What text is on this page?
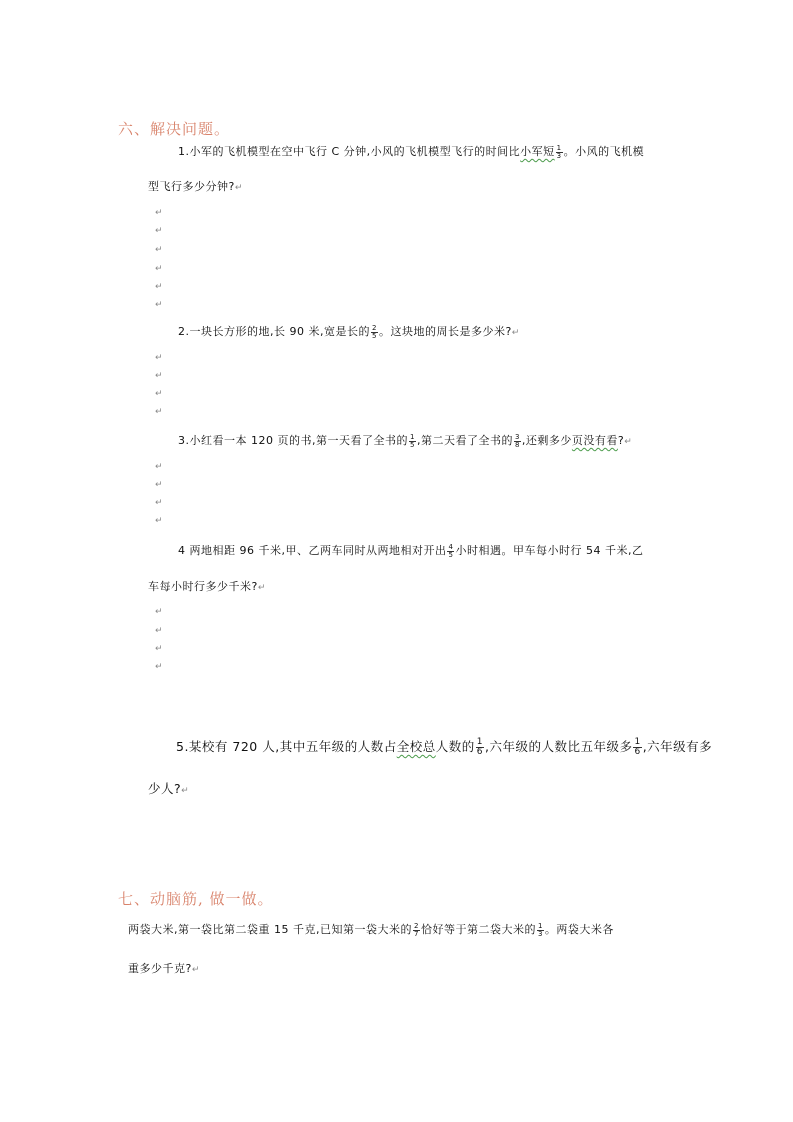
六、解决问题。
1.小军的飞机模型在空中飞行 C 分钟,小风的飞机模型飞行的时间比小军短 $\frac{1}{3}$ 。小风的飞机模
型飞行多少分钟?↵
↵
↵
↵
↵
↵
↵
2.一块长方形的地,长 90 米,宽是长的 $\frac{2}{5}$ 。这块地的周长是多少米?↵
↵
↵
↵
↵
3.小红看一本 120 页的书,第一天看了全书的 $\frac{1}{5}$ ,第二天看了全书的 $\frac{3}{8}$ ,还剩多少页没有看?↵
↵
↵
↵
↵
4 两地相距 96 千米,甲、乙两车同时从两地相对开出 $\frac{4}{5}$ 小时相遇。甲车每小时行 54 千米,乙
车每小时行多少千米?↵
↵
↵
↵
↵
5.某校有 720 人,其中五年级的人数占全校总人数的 $\frac{1}{6}$ ,六年级的人数比五年级多 $\frac{1}{6}$ ,六年级有多
少人?↵
七、动脑筋, 做一做。
两袋大米,第一袋比第二袋重 15 千克,已知第一袋大米的 $\frac{2}{7}$ 恰好等于第二袋大米的 $\frac{1}{3}$ 。两袋大米各
重多少千克?↵
